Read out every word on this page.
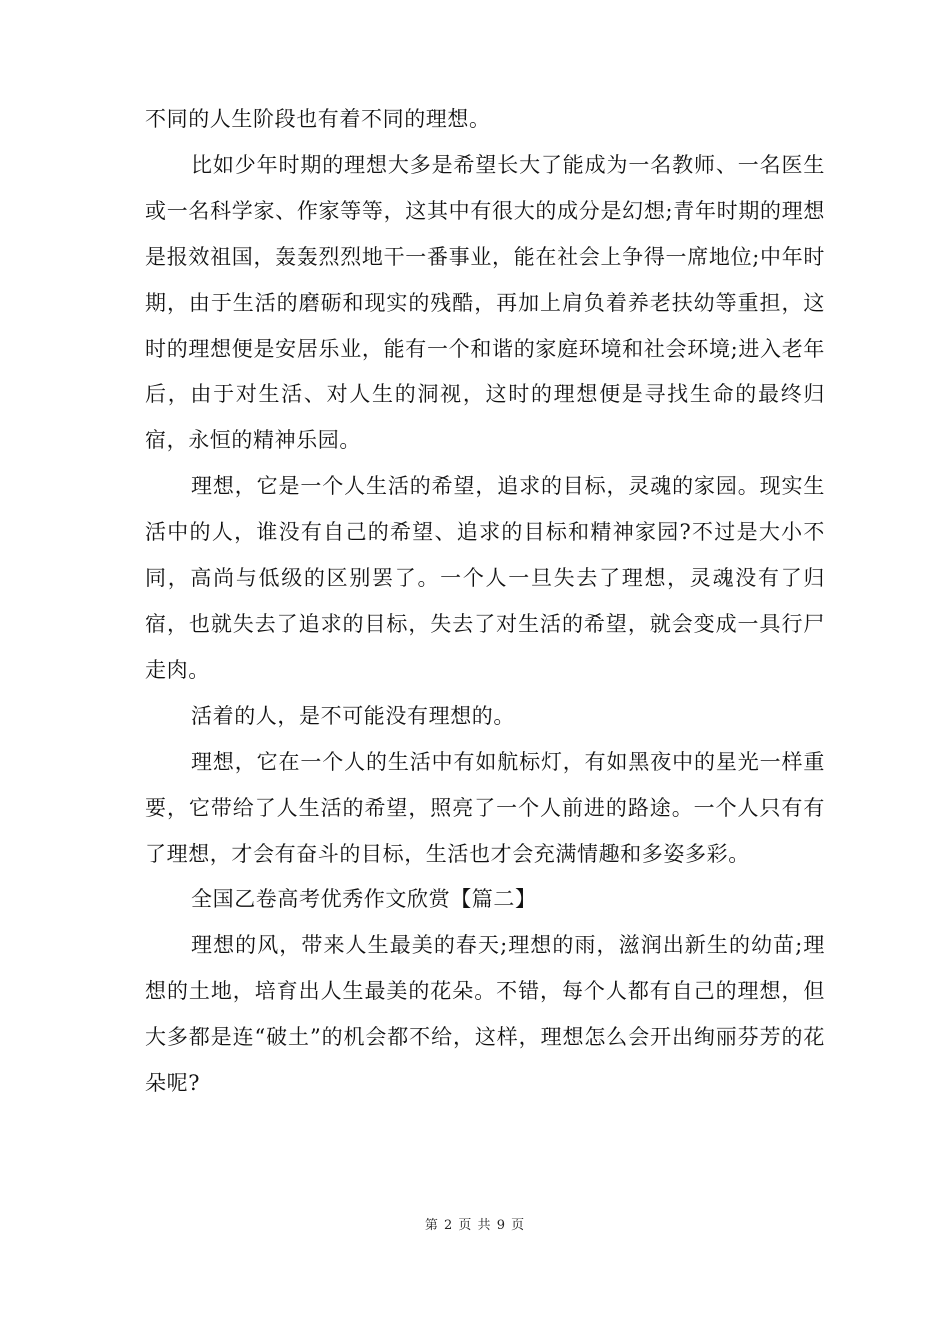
不同的人生阶段也有着不同的理想。

比如少年时期的理想大多是希望长大了能成为一名教师、一名医生或一名科学家、作家等等，这其中有很大的成分是幻想;青年时期的理想是报效祖国，轰轰烈烈地干一番事业，能在社会上争得一席地位;中年时期，由于生活的磨砺和现实的残酷，再加上肩负着养老扶幼等重担，这时的理想便是安居乐业，能有一个和谐的家庭环境和社会环境;进入老年后，由于对生活、对人生的洞视，这时的理想便是寻找生命的最终归宿，永恒的精神乐园。

理想，它是一个人生活的希望，追求的目标，灵魂的家园。现实生活中的人，谁没有自己的希望、追求的目标和精神家园?不过是大小不同，高尚与低级的区别罢了。一个人一旦失去了理想，灵魂没有了归宿，也就失去了追求的目标，失去了对生活的希望，就会变成一具行尸走肉。

活着的人，是不可能没有理想的。

理想，它在一个人的生活中有如航标灯，有如黑夜中的星光一样重要，它带给了人生活的希望，照亮了一个人前进的路途。一个人只有有了理想，才会有奋斗的目标，生活也才会充满情趣和多姿多彩。

全国乙卷高考优秀作文欣赏【篇二】

理想的风，带来人生最美的春天;理想的雨，滋润出新生的幼苗;理想的土地，培育出人生最美的花朵。不错，每个人都有自己的理想，但大多都是连“破土”的机会都不给，这样，理想怎么会开出绚丽芬芳的花朵呢?

第 2 页 共 9 页
